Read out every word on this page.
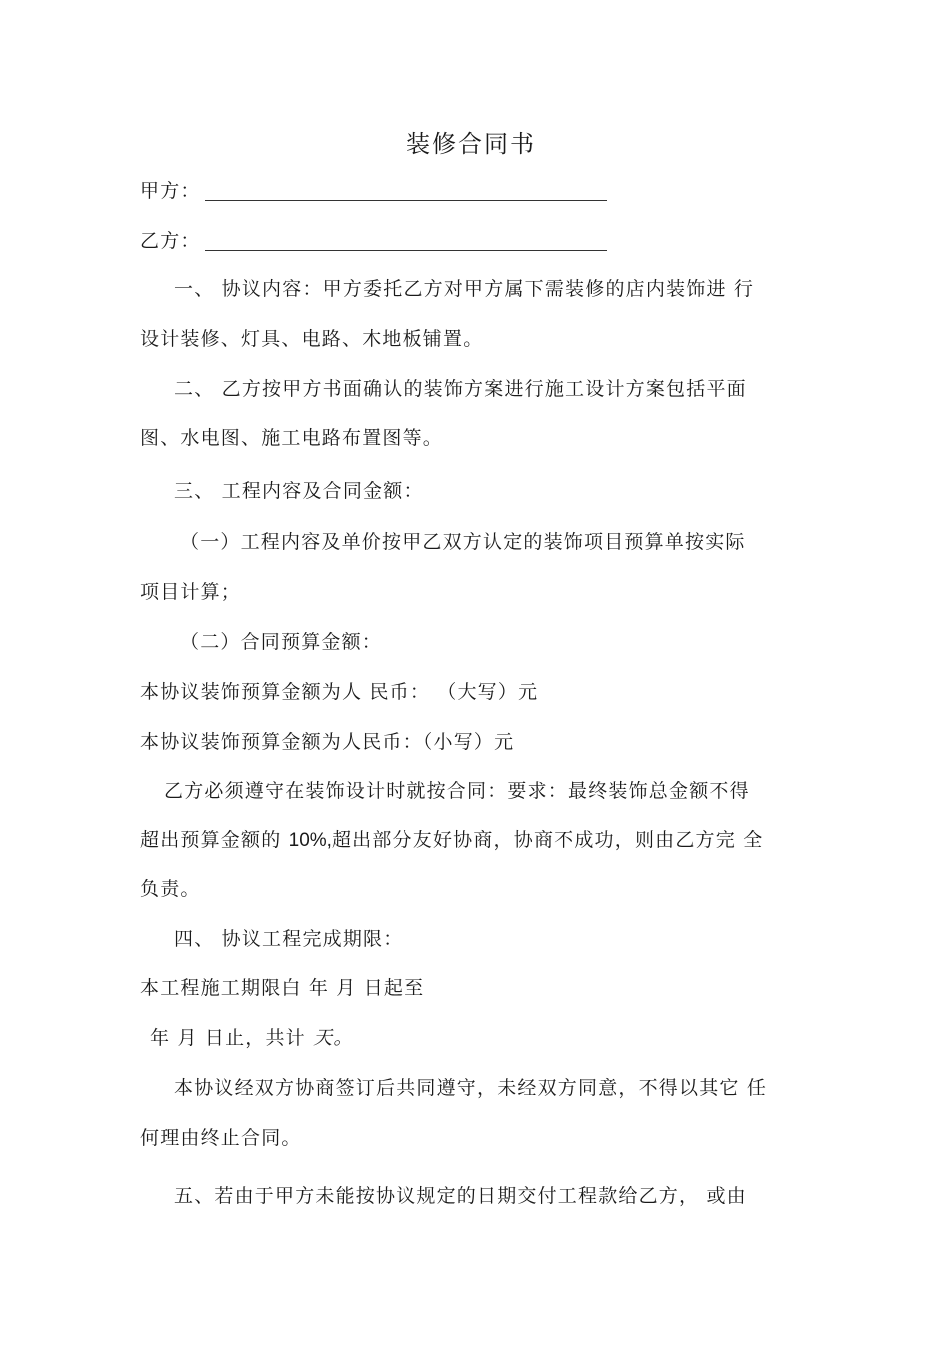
装修合同书
甲方：
乙方：
一、 协议内容：甲方委托乙方对甲方属下需装修的店内装饰进 行
设计装修、灯具、电路、木地板铺置。
二、 乙方按甲方书面确认的装饰方案进行施工设计方案包括平面
图、水电图、施工电路布置图等。
三、 工程内容及合同金额：
（一）工程内容及单价按甲乙双方认定的装饰项目预算单按实际
项目计算；
（二）合同预算金额：
本协议装饰预算金额为人 民币： （大写）元
本协议装饰预算金额为人民币：（小写）元
乙方必须遵守在装饰设计时就按合同：要求：最终装饰总金额不得
超出预算金额的 10%,超出部分友好协商，协商不成功，则由乙方完 全
负责。
四、 协议工程完成期限：
本工程施工期限白 年 月 日起至
年 月 日止，共计 天。
本协议经双方协商签订后共同遵守，未经双方同意，不得以其它 任
何理由终止合同。
五、若由于甲方未能按协议规定的日期交付工程款给乙方， 或由
